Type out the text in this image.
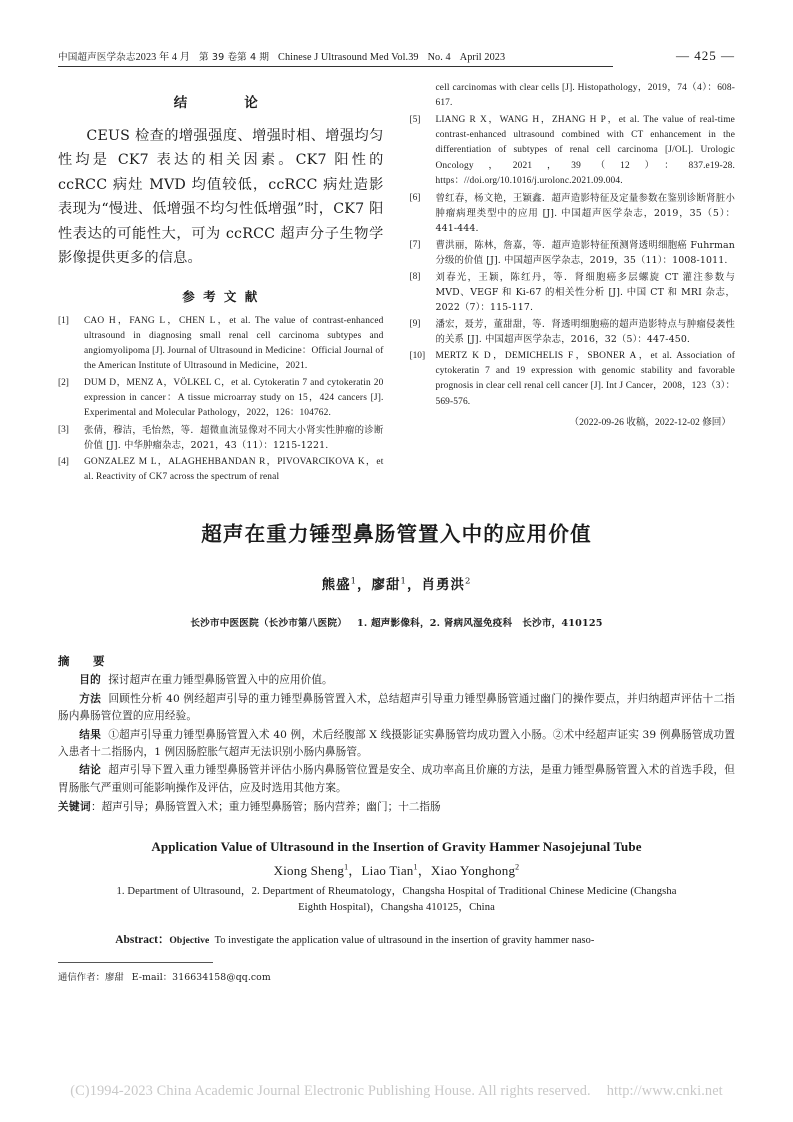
中国超声医学杂志2023 年 4 月 第 39 卷第 4 期 Chinese J Ultrasound Med Vol.39 No. 4 April 2023	— 425 —
结　　论
CEUS 检查的增强强度、增强时相、增强均匀性均是 CK7 表达的相关因素。CK7 阳性的 ccRCC 病灶 MVD 均值较低，ccRCC 病灶造影表现为“慢进、低增强不均匀性低增强”时，CK7 阳性表达的可能性大，可为 ccRCC 超声分子生物学影像提供更多的信息。
参 考 文 献
[1]	CAO H，FANG L，CHEN L，et al. The value of contrast-enhanced ultrasound in diagnosing small renal cell carcinoma subtypes and angiomyolipoma [J]. Journal of Ultrasound in Medicine：Official Journal of the American Institute of Ultrasound in Medicine，2021.
[2]	DUM D，MENZ A，VÖLKEL C，et al. Cytokeratin 7 and cytokeratin 20 expression in cancer：A tissue microarray study on 15，424 cancers [J]. Experimental and Molecular Pathology，2022，126：104762.
[3]	张倩，穆洁，毛怡然，等．超微血流显像对不同大小肾实性肿瘤的诊断价值 [J]. 中华肿瘤杂志，2021，43（11）：1215-1221.
[4]	GONZALEZ M L，ALAGHEHBANDAN R，PIVOVARCIKOVA K，et al. Reactivity of CK7 across the spectrum of renal
cell carcinomas with clear cells [J]. Histopathology，2019，74（4）：608-617.
[5]	LIANG R X，WANG H，ZHANG H P，et al. The value of real-time contrast-enhanced ultrasound combined with CT enhancement in the differentiation of subtypes of renal cell carcinoma [J/OL]. Urologic Oncology，2021，39（12）：837.e19-28. https：//doi.org/10.1016/j.urolonc.2021.09.004.
[6]	曾红春，杨文艳，王颖鑫．超声造影特征及定量参数在鉴别诊断肾脏小肿瘤病理类型中的应用 [J]. 中国超声医学杂志，2019，35（5）：441-444.
[7]	曹洪丽，陈林，詹嘉，等．超声造影特征预测肾透明细胞癌 Fuhrman 分级的价值 [J]. 中国超声医学杂志，2019，35（11）：1008-1011.
[8]	刘春光，王颖，陈红丹，等．肾细胞癌多层螺旋 CT 灌注参数与 MVD、VEGF 和 Ki-67 的相关性分析 [J]. 中国 CT 和 MRI 杂志，2022（7）：115-117.
[9]	潘宏，聂芳，董甜甜，等．肾透明细胞癌的超声造影特点与肿瘤侵袭性的关系 [J]. 中国超声医学杂志，2016，32（5）：447-450.
[10]	MERTZ K D，DEMICHELIS F，SBONER A，et al. Association of cytokeratin 7 and 19 expression with genomic stability and favorable prognosis in clear cell renal cell cancer [J]. Int J Cancer，2008，123（3）：569-576.
（2022-09-26 收稿，2022-12-02 修回）
超声在重力锤型鼻肠管置入中的应用价值
熊盛$^1$，廖甜$^1$，肖勇洪$^2$
长沙市中医医院（长沙市第八医院） 1. 超声影像科，2. 肾病风湿免疫科 长沙市，410125
摘　要

目的 探讨超声在重力锤型鼻肠管置入中的应用价值。

方法 回顾性分析 40 例经超声引导的重力锤型鼻肠管置入术，总结超声引导重力锤型鼻肠管通过幽门的操作要点，并归纳超声评估十二指肠内鼻肠管位置的应用经验。

结果 ①超声引导重力锤型鼻肠管置入术 40 例，术后经腹部 X 线摄影证实鼻肠管均成功置入小肠。②术中经超声证实 39 例鼻肠管成功置入患者十二指肠内，1 例因肠腔胀气超声无法识别小肠内鼻肠管。

结论 超声引导下置入重力锤型鼻肠管并评估小肠内鼻肠管位置是安全、成功率高且价廉的方法，是重力锤型鼻肠管置入术的首选手段，但胃肠胀气严重则可能影响操作及评估，应及时选用其他方案。

关键词：超声引导；鼻肠管置入术；重力锤型鼻肠管；肠内营养；幽门；十二指肠
Application Value of Ultrasound in the Insertion of Gravity Hammer Nasojejunal Tube
Xiong Sheng$^1$，Liao Tian$^1$，Xiao Yonghong$^2$
1. Department of Ultrasound，2. Department of Rheumatology，Changsha Hospital of Traditional Chinese Medicine (Changsha Eighth Hospital)，Changsha 410125，China
Abstract：Objective To investigate the application value of ultrasound in the insertion of gravity hammer naso-
通信作者：廖甜 E-mail：316634158@qq.com
(C)1994-2023 China Academic Journal Electronic Publishing House. All rights reserved. http://www.cnki.net
